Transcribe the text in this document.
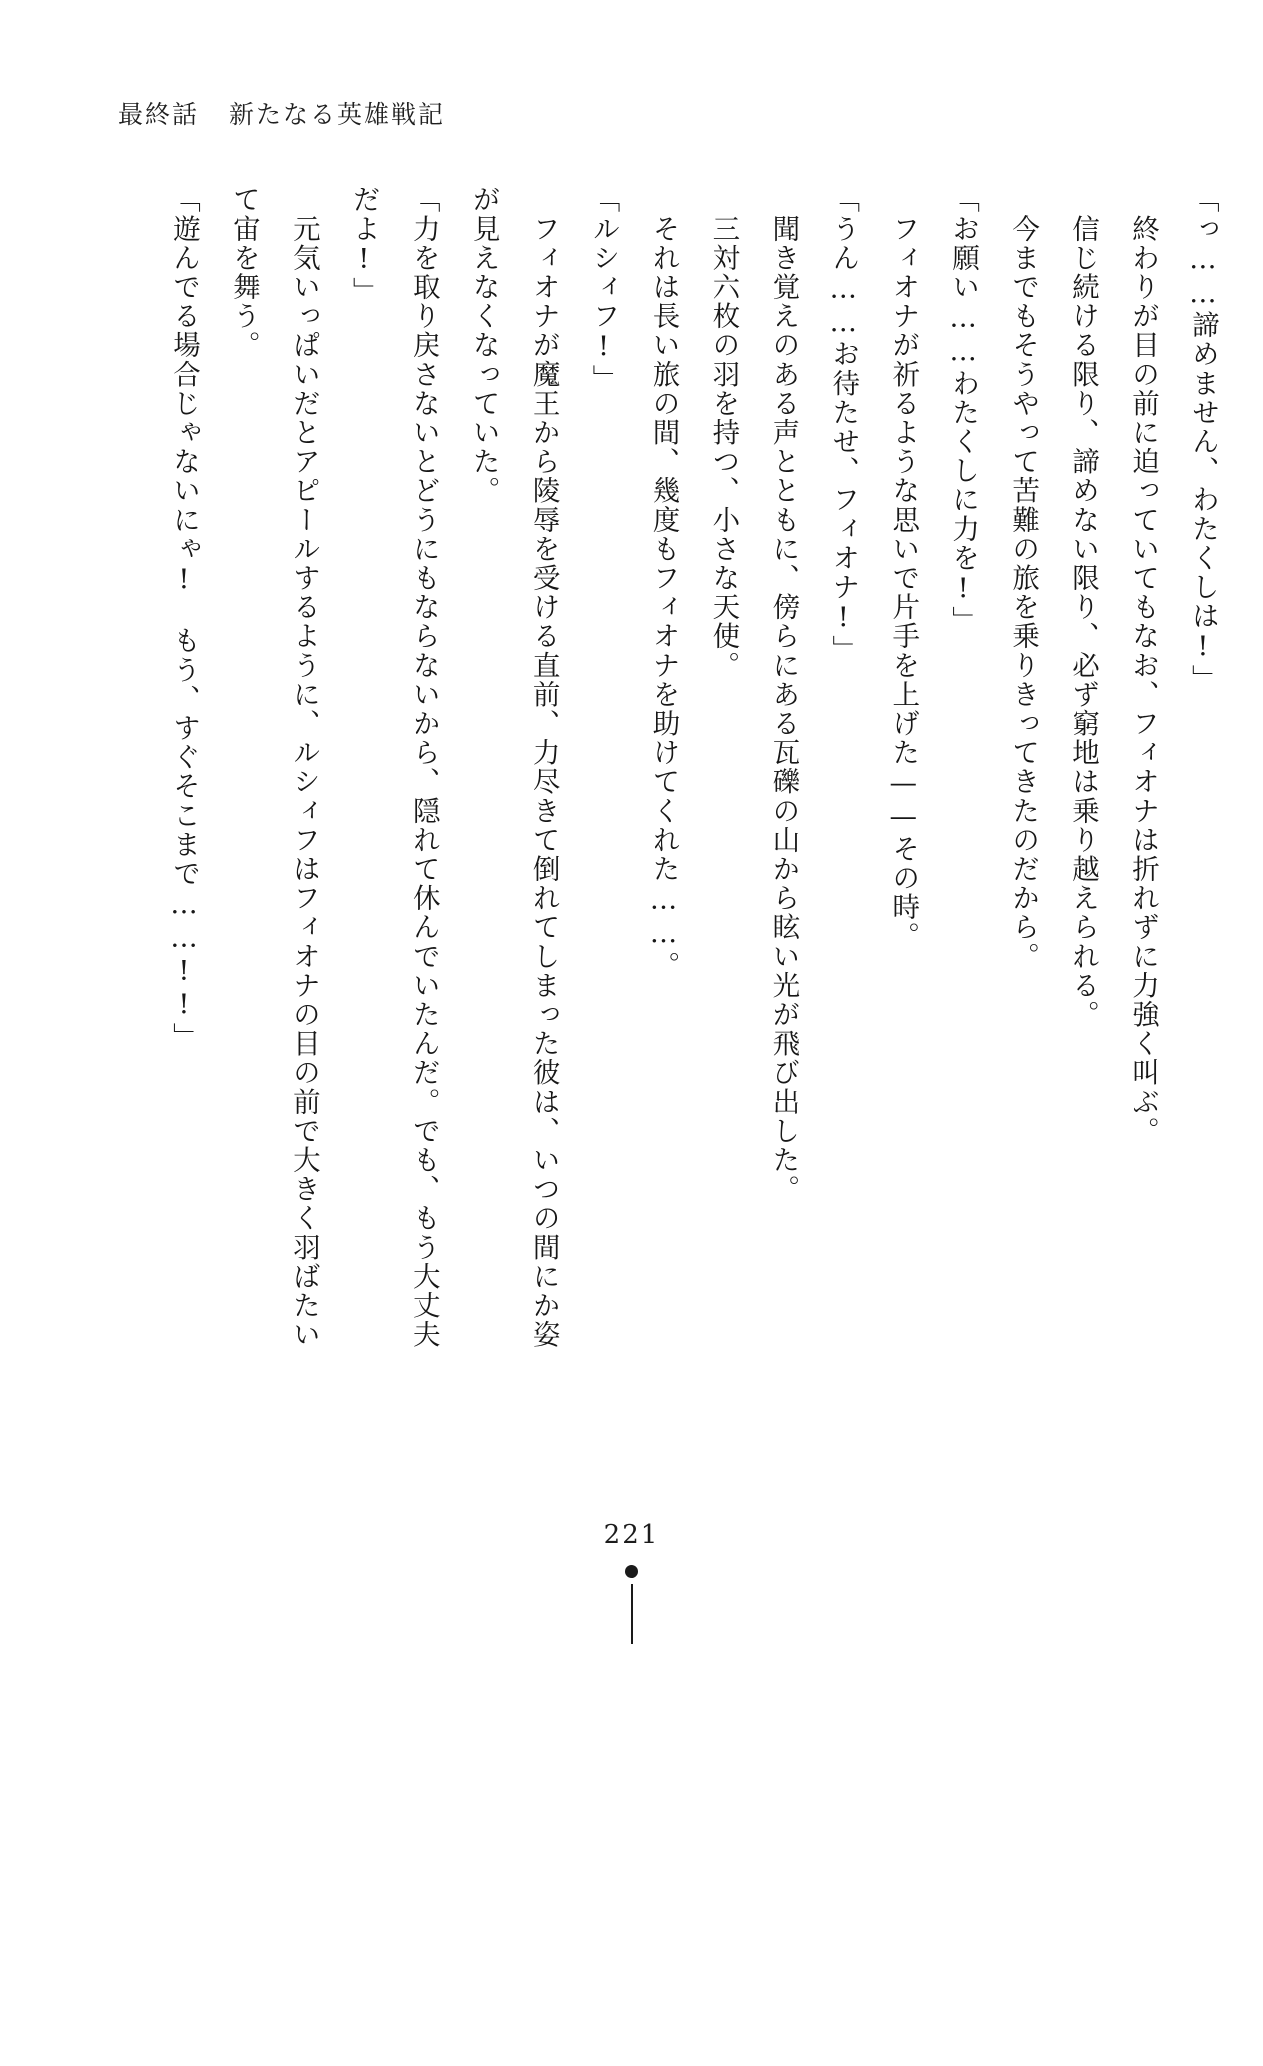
最終話 新たなる英雄戦記

「っ……諦めません、わたくしは!」

　終わりが目の前に迫っていてもなお、フィオナは折れずに力強く叫ぶ。

　信じ続ける限り、諦めない限り、必ず窮地は乗り越えられる。

　今までもそうやって苦難の旅を乗りきってきたのだから。

「お願い……わたくしに力を!」

　フィオナが祈るような思いで片手を上げた——その時。

「うん……お待たせ、フィオナ!」

　聞き覚えのある声とともに、傍らにある瓦礫の山から眩い光が飛び出した。

　三対六枚の羽を持つ、小さな天使。

　それは長い旅の間、幾度もフィオナを助けてくれた……。

「ルシィフ!」

　フィオナが魔王から陵辱を受ける直前、力尽きて倒れてしまった彼は、いつの間にか姿が見えなくなっていた。

「力を取り戻さないとどうにもならないから、隠れて休んでいたんだ。でも、もう大丈夫だよ!」

　元気いっぱいだとアピールするように、ルシィフはフィオナの目の前で大きく羽ばたいて宙を舞う。

「遊んでる場合じゃないにゃ!　もう、すぐそこまで……!!」

221
